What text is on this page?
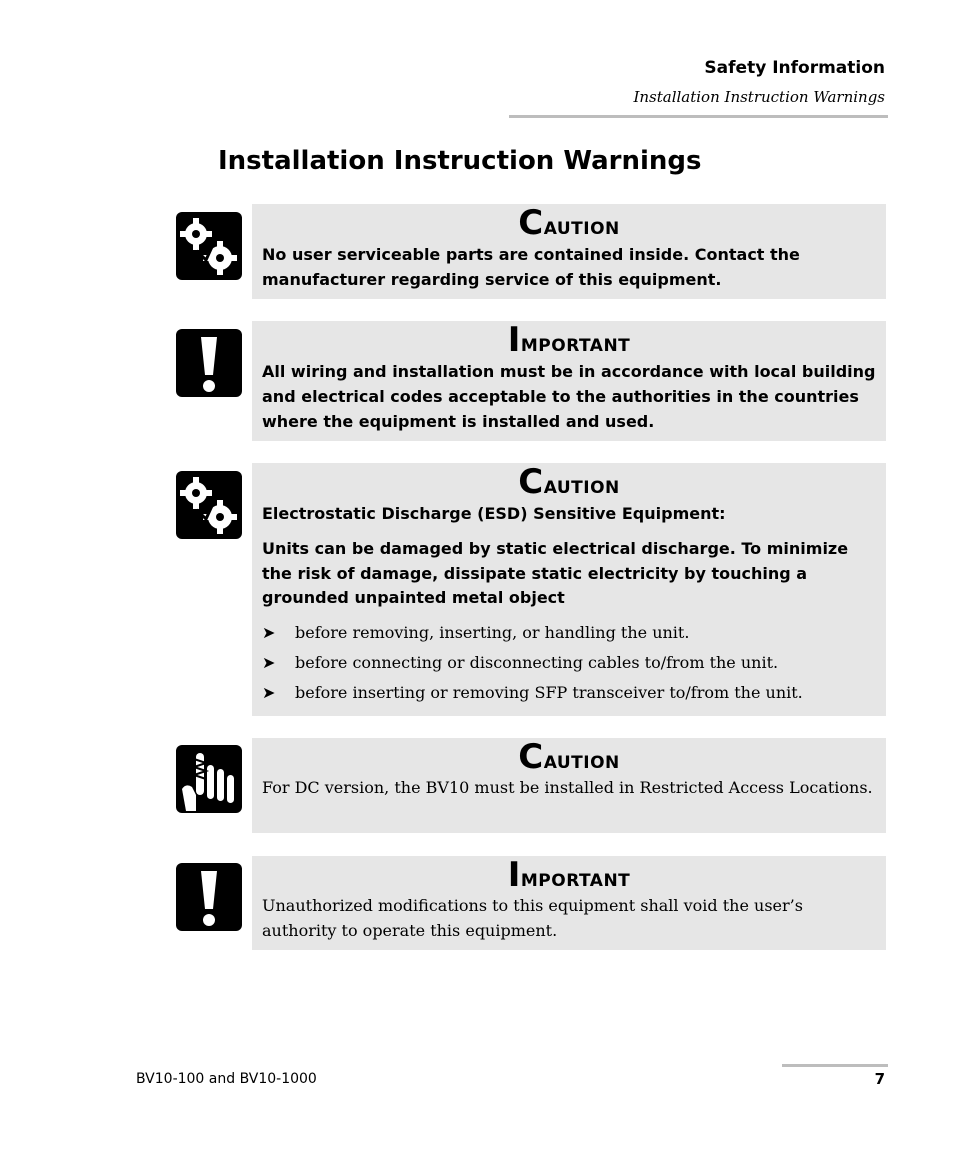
Safety Information
Installation Instruction Warnings
Installation Instruction Warnings
Caution

No user serviceable parts are contained inside. Contact the manufacturer regarding service of this equipment.

Important

All wiring and installation must be in accordance with local building and electrical codes acceptable to the authorities in the countries where the equipment is installed and used.

Caution

Electrostatic Discharge (ESD) Sensitive Equipment:

Units can be damaged by static electrical discharge. To minimize the risk of damage, dissipate static electricity by touching a grounded unpainted metal object

➤ before removing, inserting, or handling the unit.
➤ before connecting or disconnecting cables to/from the unit.
➤ before inserting or removing SFP transceiver to/from the unit.
Caution

For DC version, the BV10 must be installed in Restricted Access Locations.

Important

Unauthorized modifications to this equipment shall void the user’s authority to operate this equipment.

BV10-100 and BV10-1000	7
